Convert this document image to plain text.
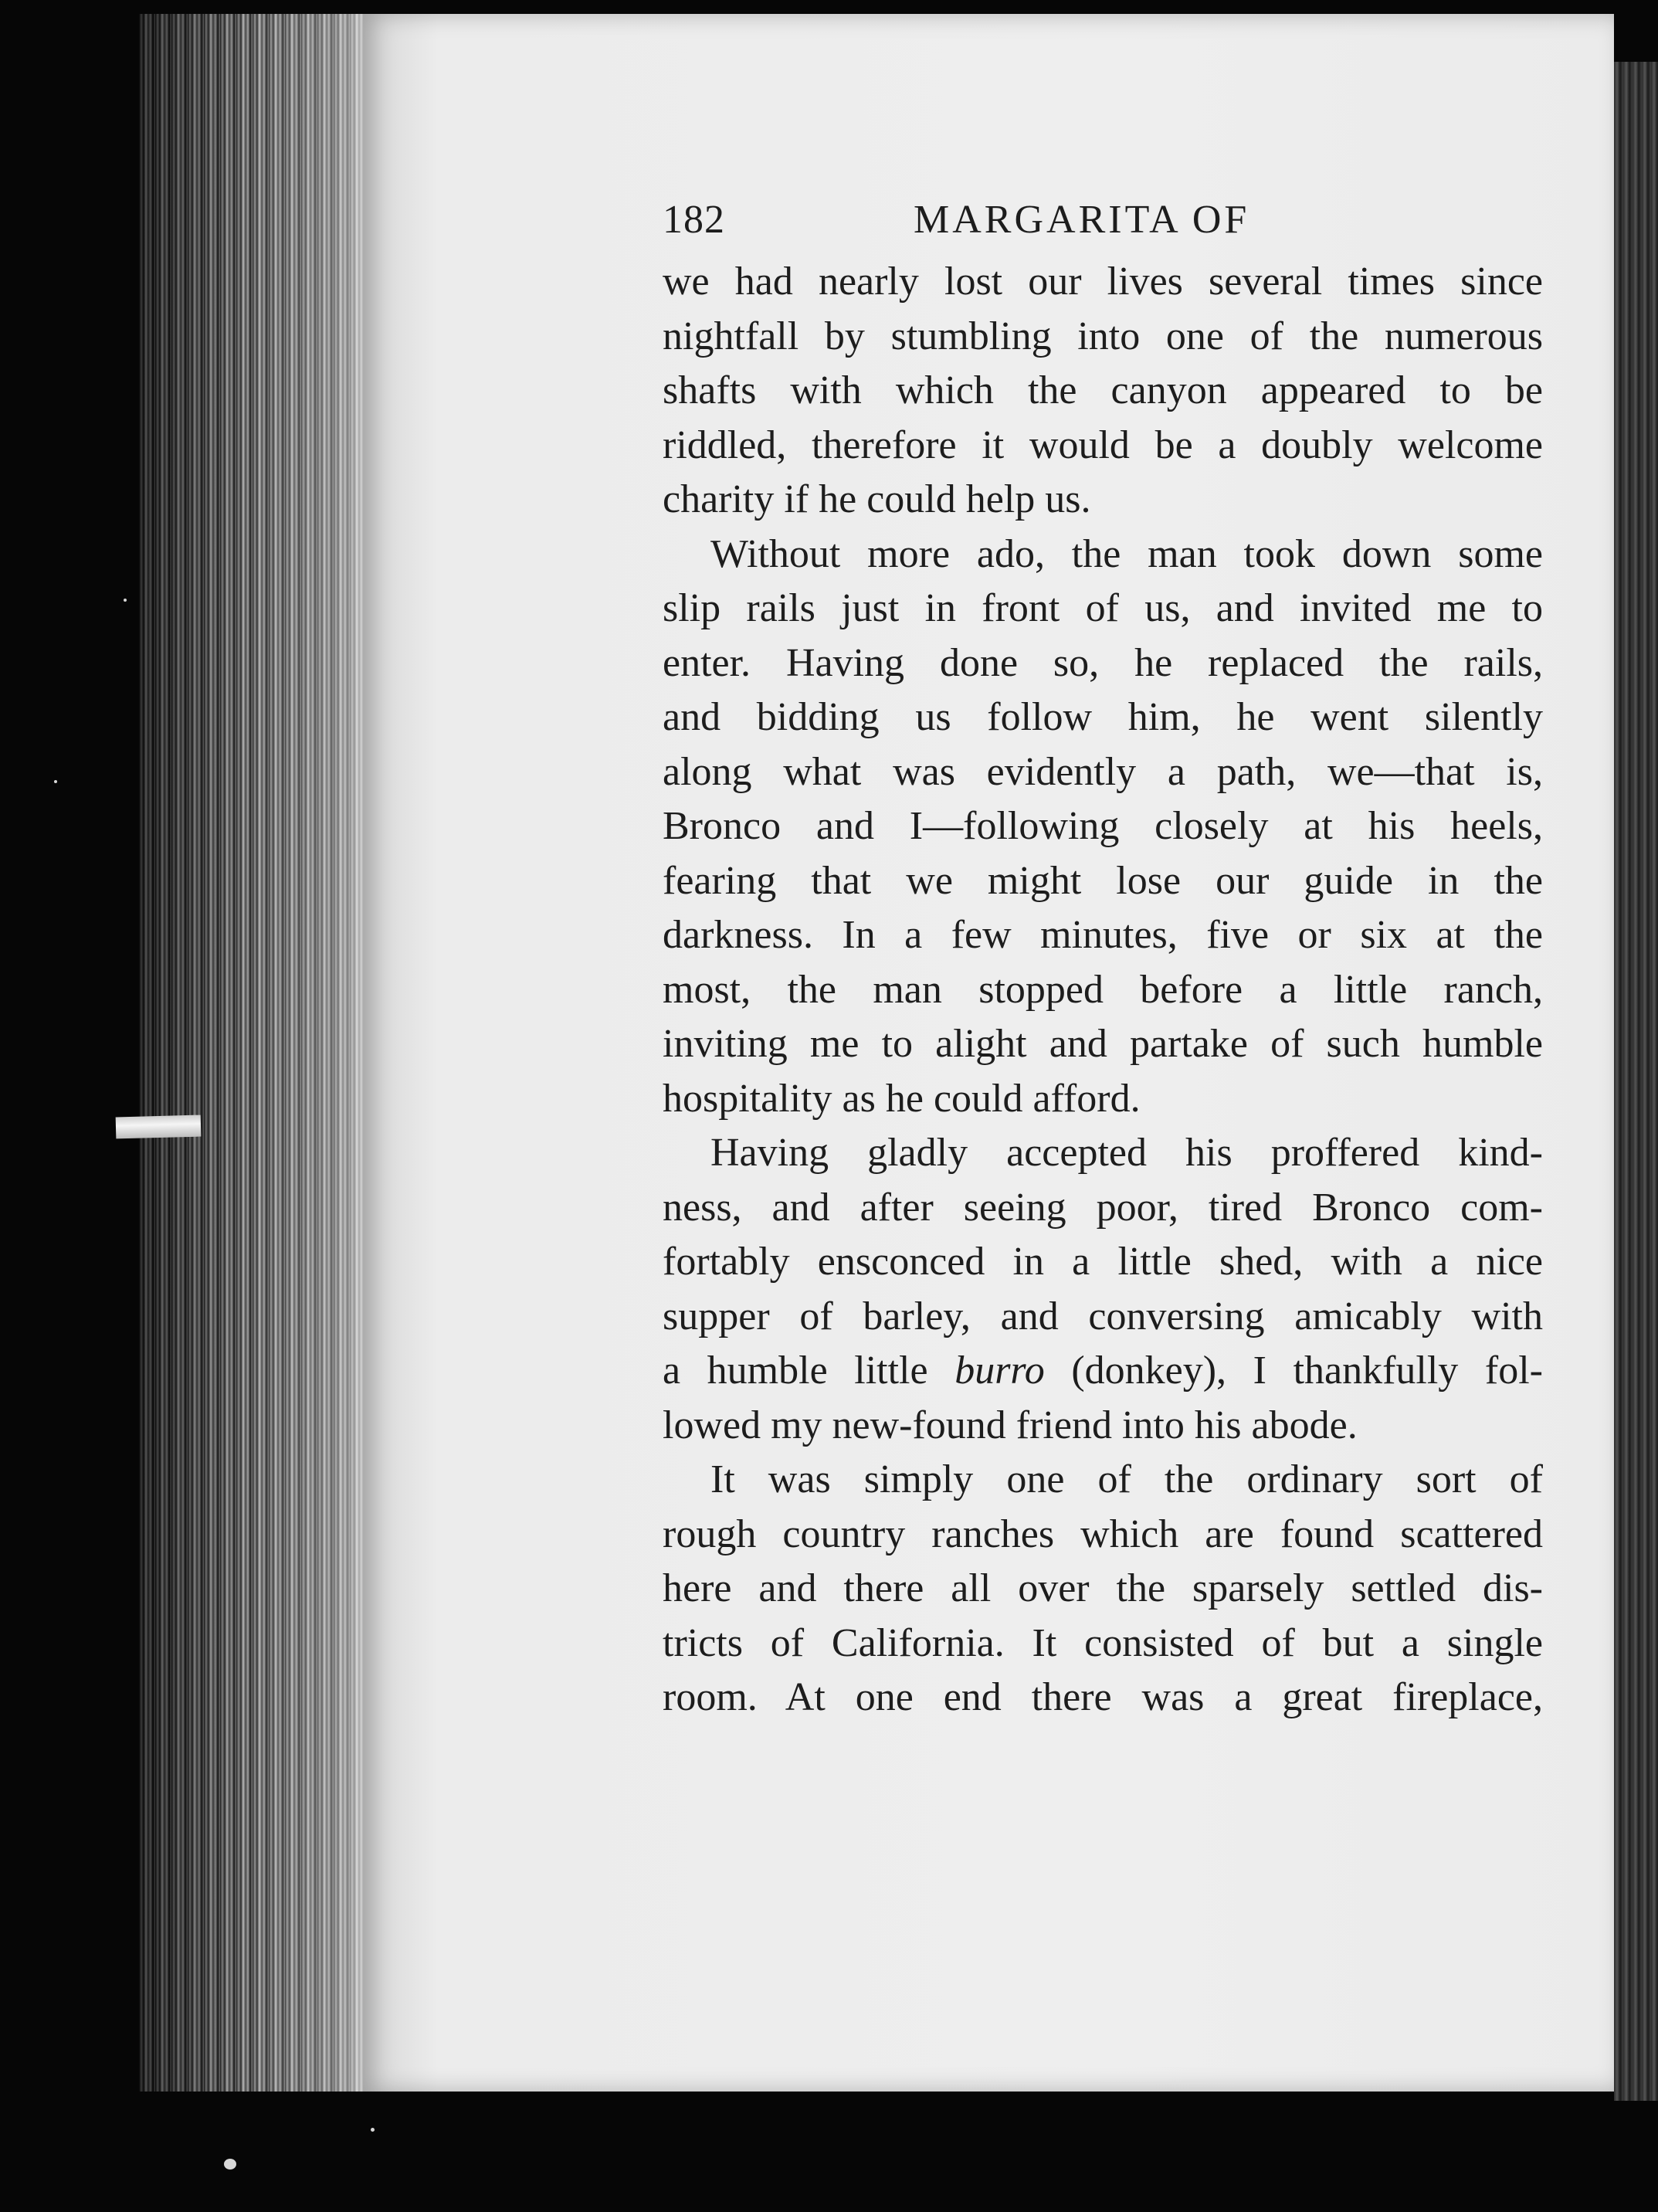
182	MARGARITA OF

we had nearly lost our lives several times since
nightfall by stumbling into one of the numerous
shafts with which the canyon appeared to be
riddled, therefore it would be a doubly welcome
charity if he could help us.

Without more ado, the man took down some
slip rails just in front of us, and invited me to
enter. Having done so, he replaced the rails,
and bidding us follow him, he went silently
along what was evidently a path, we—that is,
Bronco and I—following closely at his heels,
fearing that we might lose our guide in the
darkness. In a few minutes, five or six at the
most, the man stopped before a little ranch,
inviting me to alight and partake of such humble
hospitality as he could afford.

Having gladly accepted his proffered kind-
ness, and after seeing poor, tired Bronco com-
fortably ensconced in a little shed, with a nice
supper of barley, and conversing amicably with
a humble little burro (donkey), I thankfully fol-
lowed my new-found friend into his abode.

It was simply one of the ordinary sort of
rough country ranches which are found scattered
here and there all over the sparsely settled dis-
tricts of California. It consisted of but a single
room. At one end there was a great fireplace,
